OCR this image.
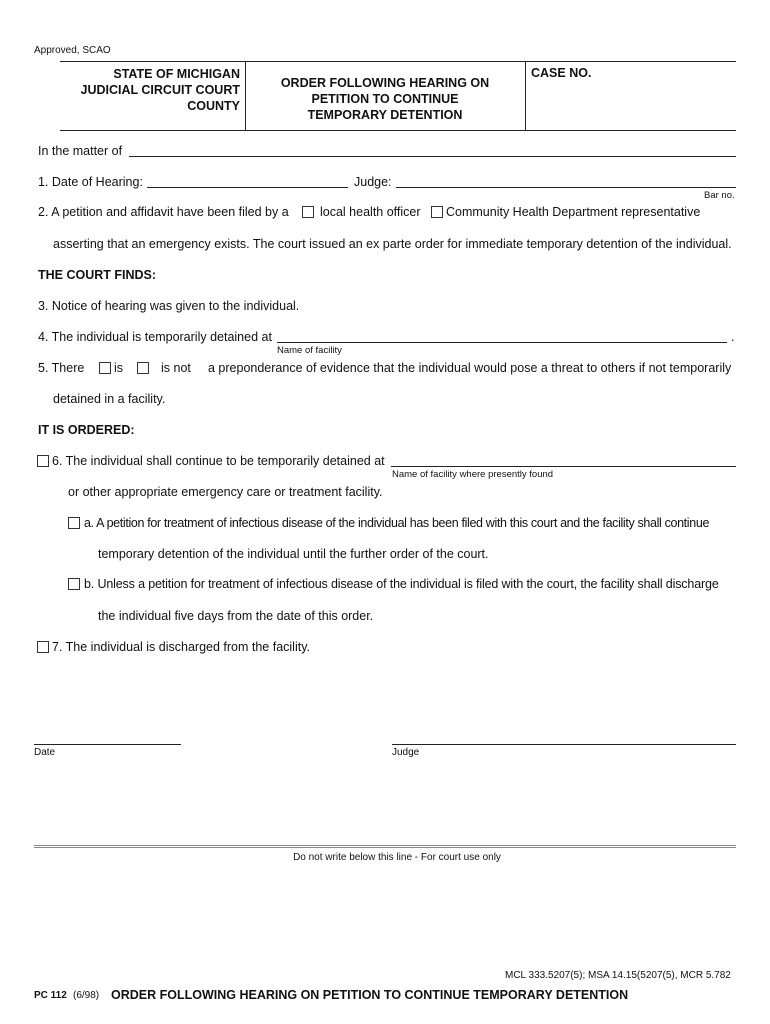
Approved, SCAO
STATE OF MICHIGAN
JUDICIAL CIRCUIT COURT
COUNTY
ORDER FOLLOWING HEARING ON
PETITION TO CONTINUE
TEMPORARY DETENTION
CASE NO.
In the matter of
1. Date of Hearing:	Judge:
Bar no.
2. A petition and affidavit have been filed by a	local health officer Community Health Department representative
asserting that an emergency exists. The court issued an ex parte order for immediate temporary detention of the individual.
THE COURT FINDS:
3. Notice of hearing was given to the individual.
4. The individual is temporarily detained at	.
Name of facility
5. There is	is not a preponderance of evidence that the individual would pose a threat to others if not temporarily
detained in a facility.
IT IS ORDERED:
6. The individual shall continue to be temporarily detained at
Name of facility where presently found
or other appropriate emergency care or treatment facility.
a. A petition for treatment of infectious disease of the individual has been filed with this court and the facility shall continue
temporary detention of the individual until the further order of the court.
b. Unless a petition for treatment of infectious disease of the individual is filed with the court, the facility shall discharge
the individual five days from the date of this order.
7. The individual is discharged from the facility.
Date	Judge
Do not write below this line - For court use only
MCL 333.5207(5); MSA 14.15(5207(5), MCR 5.782
PC 112 (6/98) ORDER FOLLOWING HEARING ON PETITION TO CONTINUE TEMPORARY DETENTION
